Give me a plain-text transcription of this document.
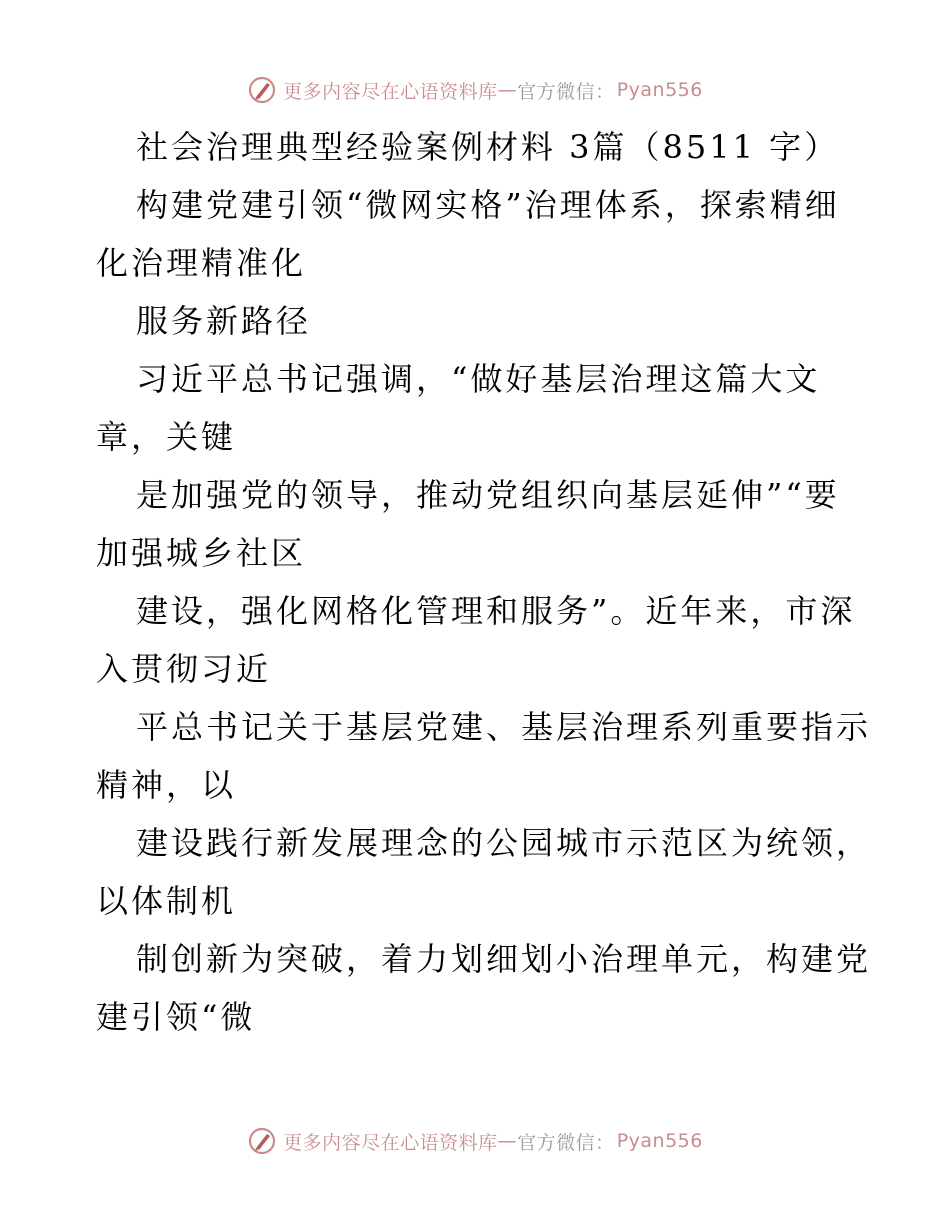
更多内容尽在心语资料库 — 官方微信： Pyan556
社会治理典型经验案例材料 3篇（8511 字）
构建党建引领“微网实格”治理体系，探索精细
化治理精准化
服务新路径
习近平总书记强调，“做好基层治理这篇大文
章，关键
是加强党的领导，推动党组织向基层延伸”“要
加强城乡社区
建设，强化网格化管理和服务”。近年来，市深
入贯彻习近
平总书记关于基层党建、基层治理系列重要指示
精神，以
建设践行新发展理念的公园城市示范区为统领，
以体制机
制创新为突破，着力划细划小治理单元，构建党
建引领“微
更多内容尽在心语资料库 — 官方微信： Pyan556
